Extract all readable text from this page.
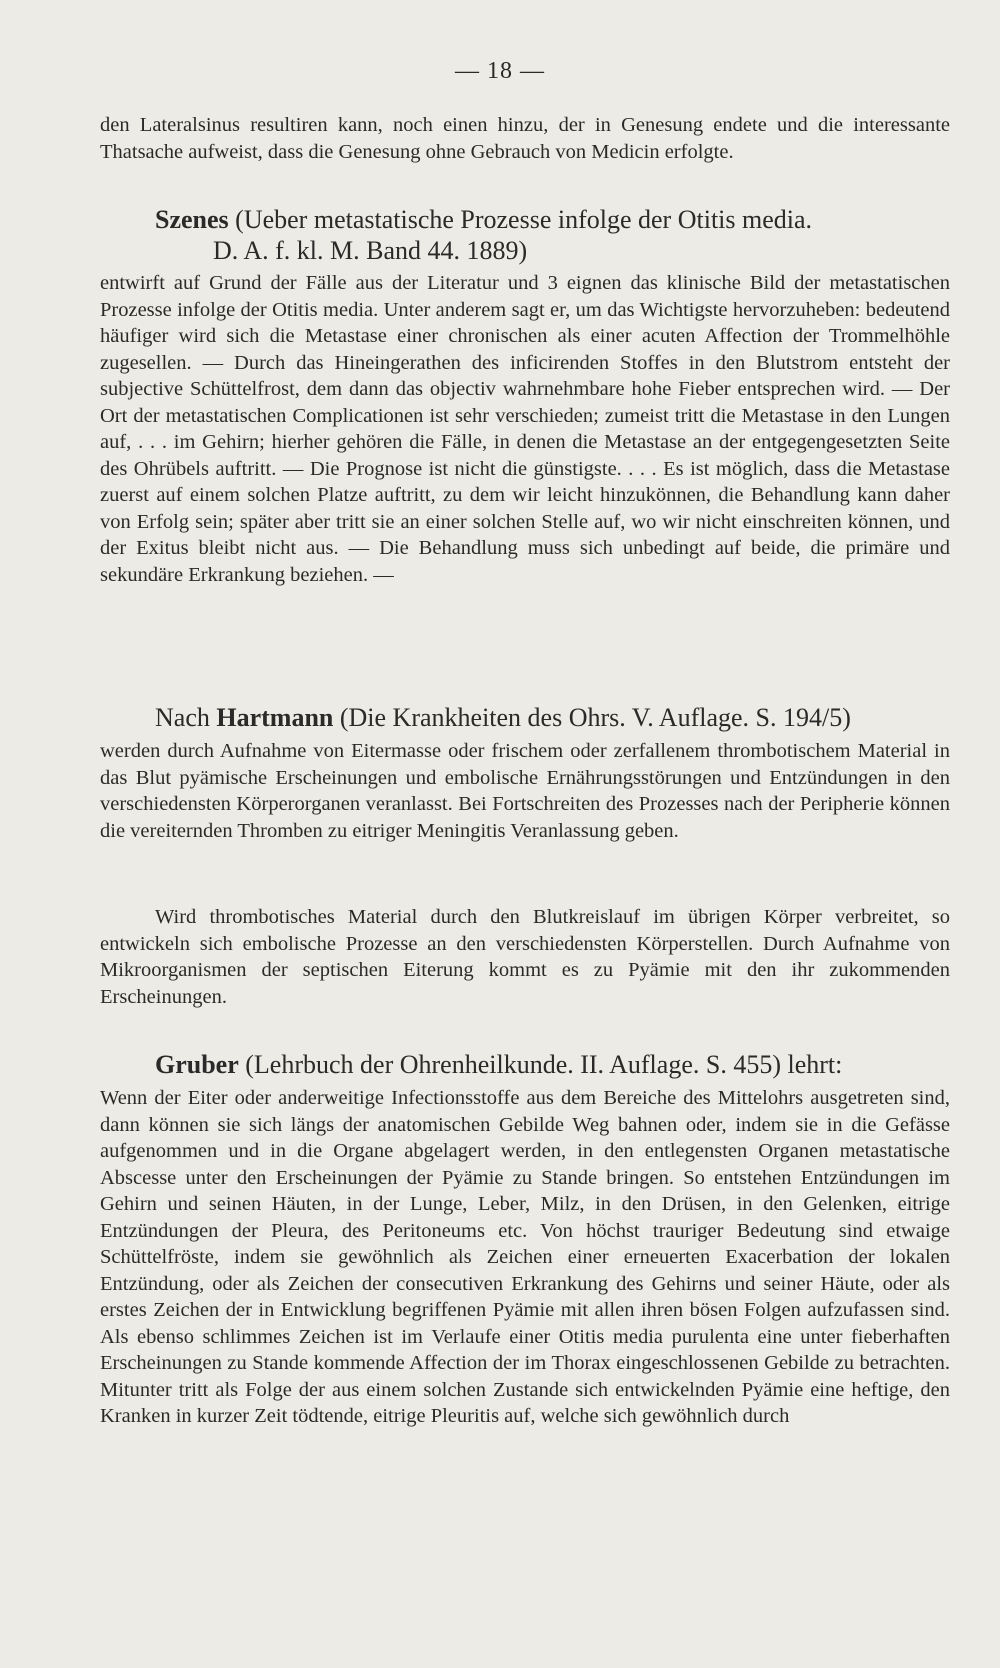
— 18 —
den Lateralsinus resultiren kann, noch einen hinzu, der in Genesung endete und die interessante Thatsache aufweist, dass die Genesung ohne Gebrauch von Medicin erfolgte.
Szenes (Ueber metastatische Prozesse infolge der Otitis media.
D. A. f. kl. M. Band 44. 1889)
entwirft auf Grund der Fälle aus der Literatur und 3 eignen das klinische Bild der metastatischen Prozesse infolge der Otitis media. Unter anderem sagt er, um das Wichtigste hervorzuheben: bedeutend häufiger wird sich die Metastase einer chronischen als einer acuten Affection der Trommelhöhle zugesellen. — Durch das Hineingerathen des inficirenden Stoffes in den Blutstrom entsteht der subjective Schüttelfrost, dem dann das objectiv wahrnehmbare hohe Fieber entsprechen wird. — Der Ort der metastatischen Complicationen ist sehr verschieden; zumeist tritt die Metastase in den Lungen auf, . . . im Gehirn; hierher gehören die Fälle, in denen die Metastase an der entgegengesetzten Seite des Ohrübels auftritt. — Die Prognose ist nicht die günstigste. . . . Es ist möglich, dass die Metastase zuerst auf einem solchen Platze auftritt, zu dem wir leicht hinzukönnen, die Behandlung kann daher von Erfolg sein; später aber tritt sie an einer solchen Stelle auf, wo wir nicht einschreiten können, und der Exitus bleibt nicht aus. — Die Behandlung muss sich unbedingt auf beide, die primäre und sekundäre Erkrankung beziehen. —
Nach Hartmann (Die Krankheiten des Ohrs. V. Auflage. S. 194/5)
werden durch Aufnahme von Eitermasse oder frischem oder zerfallenem thrombotischem Material in das Blut pyämische Erscheinungen und embolische Ernährungsstörungen und Entzündungen in den verschiedensten Körperorganen veranlasst. Bei Fortschreiten des Prozesses nach der Peripherie können die vereiternden Thromben zu eitriger Meningitis Veranlassung geben.
Wird thrombotisches Material durch den Blutkreislauf im übrigen Körper verbreitet, so entwickeln sich embolische Prozesse an den verschiedensten Körperstellen. Durch Aufnahme von Mikroorganismen der septischen Eiterung kommt es zu Pyämie mit den ihr zukommenden Erscheinungen.
Gruber (Lehrbuch der Ohrenheilkunde. II. Auflage. S. 455) lehrt:
Wenn der Eiter oder anderweitige Infectionsstoffe aus dem Bereiche des Mittelohrs ausgetreten sind, dann können sie sich längs der anatomischen Gebilde Weg bahnen oder, indem sie in die Gefässe aufgenommen und in die Organe abgelagert werden, in den entlegensten Organen metastatische Abscesse unter den Erscheinungen der Pyämie zu Stande bringen. So entstehen Entzündungen im Gehirn und seinen Häuten, in der Lunge, Leber, Milz, in den Drüsen, in den Gelenken, eitrige Entzündungen der Pleura, des Peritoneums etc. Von höchst trauriger Bedeutung sind etwaige Schüttelfröste, indem sie gewöhnlich als Zeichen einer erneuerten Exacerbation der lokalen Entzündung, oder als Zeichen der consecutiven Erkrankung des Gehirns und seiner Häute, oder als erstes Zeichen der in Entwicklung begriffenen Pyämie mit allen ihren bösen Folgen aufzufassen sind. Als ebenso schlimmes Zeichen ist im Verlaufe einer Otitis media purulenta eine unter fieberhaften Erscheinungen zu Stande kommende Affection der im Thorax eingeschlossenen Gebilde zu betrachten. Mitunter tritt als Folge der aus einem solchen Zustande sich entwickelnden Pyämie eine heftige, den Kranken in kurzer Zeit tödtende, eitrige Pleuritis auf, welche sich gewöhnlich durch
